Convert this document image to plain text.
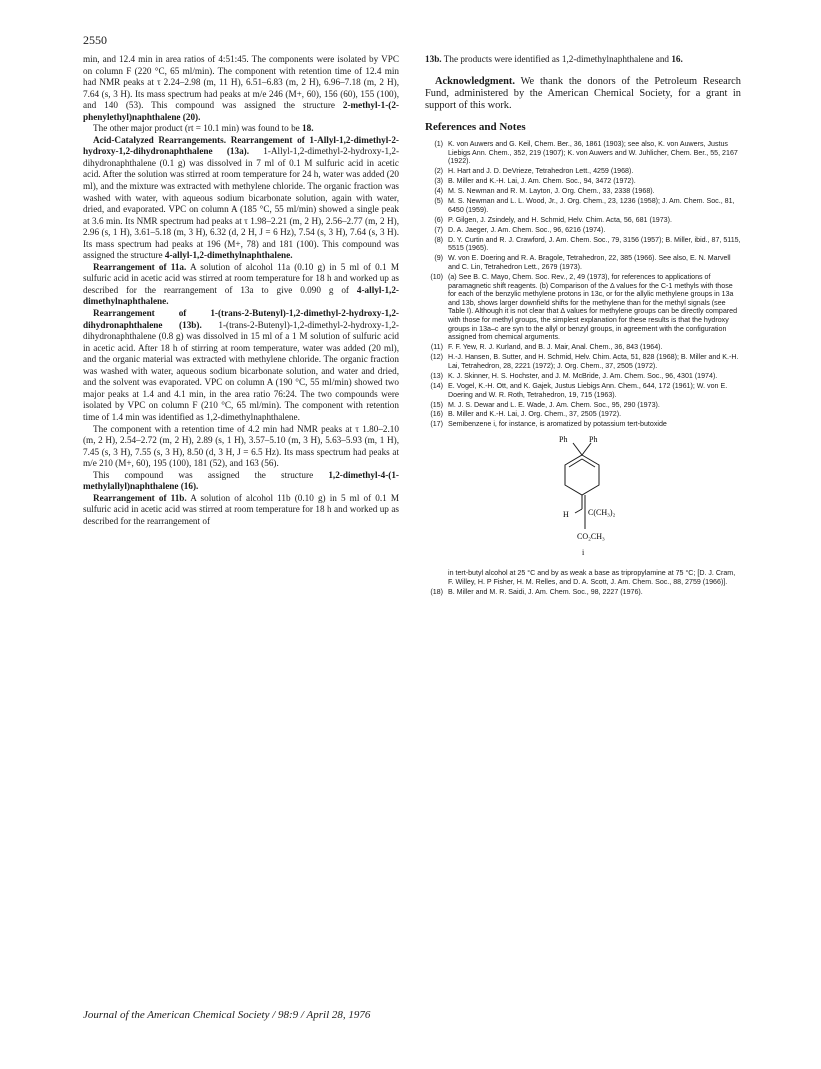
2550

min, and 12.4 min in area ratios of 4:51:45. The components were isolated by VPC on column F (220 °C, 65 ml/min). The component with retention time of 12.4 min had NMR peaks at τ 2.24–2.98 (m, 11 H), 6.51–6.83 (m, 2 H), 6.96–7.18 (m, 2 H), 7.64 (s, 3 H). Its mass spectrum had peaks at m/e 246 (M+, 60), 156 (60), 155 (100), and 140 (53). This compound was assigned the structure 2-methyl-1-(2-phenylethyl)naphthalene (20).

The other major product (rt = 10.1 min) was found to be 18.

Acid-Catalyzed Rearrangements. Rearrangement of 1-Allyl-1,2-dimethyl-2-hydroxy-1,2-dihydronaphthalene (13a). 1-Allyl-1,2-dimethyl-2-hydroxy-1,2-dihydronaphthalene (0.1 g) was dissolved in 7 ml of 0.1 M sulfuric acid in acetic acid. After the solution was stirred at room temperature for 24 h, water was added (20 ml), and the mixture was extracted with methylene chloride. The organic fraction was washed with water, with aqueous sodium bicarbonate solution, again with water, dried, and evaporated. VPC on column A (185 °C, 55 ml/min) showed a single peak at 3.6 min. Its NMR spectrum had peaks at τ 1.98–2.21 (m, 2 H), 2.56–2.77 (m, 2 H), 2.96 (s, 1 H), 3.61–5.18 (m, 3 H), 6.32 (d, 2 H, J = 6 Hz), 7.54 (s, 3 H), 7.64 (s, 3 H). Its mass spectrum had peaks at 196 (M+, 78) and 181 (100). This compound was assigned the structure 4-allyl-1,2-dimethylnaphthalene.

Rearrangement of 11a. A solution of alcohol 11a (0.10 g) in 5 ml of 0.1 M sulfuric acid in acetic acid was stirred at room temperature for 18 h and worked up as described for the rearrangement of 13a to give 0.090 g of 4-allyl-1,2-dimethylnaphthalene.

Rearrangement of 1-(trans-2-Butenyl)-1,2-dimethyl-2-hydroxy-1,2-dihydronaphthalene (13b). 1-(trans-2-Butenyl)-1,2-dimethyl-2-hydroxy-1,2-dihydronaphthalene (0.8 g) was dissolved in 15 ml of a 1 M solution of sulfuric acid in acetic acid. After 18 h of stirring at room temperature, water was added (20 ml), and the organic material was extracted with methylene chloride. The organic fraction was washed with water, aqueous sodium bicarbonate solution, and water and dried, and the solvent was evaporated. VPC on column A (190 °C, 55 ml/min) showed two major peaks at 1.4 and 4.1 min, in the area ratio 76:24. The two compounds were isolated by VPC on column F (210 °C, 65 ml/min). The component with retention time of 1.4 min was identified as 1,2-dimethylnaphthalene.

The component with a retention time of 4.2 min had NMR peaks at τ 1.80–2.10 (m, 2 H), 2.54–2.72 (m, 2 H), 2.89 (s, 1 H), 3.57–5.10 (m, 3 H), 5.63–5.93 (m, 1 H), 7.45 (s, 3 H), 7.55 (s, 3 H), 8.50 (d, 3 H, J = 6.5 Hz). Its mass spectrum had peaks at m/e 210 (M+, 60), 195 (100), 181 (52), and 163 (56).

This compound was assigned the structure 1,2-dimethyl-4-(1-methylallyl)naphthalene (16).

Rearrangement of 11b. A solution of alcohol 11b (0.10 g) in 5 ml of 0.1 M sulfuric acid in acetic acid was stirred at room temperature for 18 h and worked up as described for the rearrangement of

13b. The products were identified as 1,2-dimethylnaphthalene and 16.

Acknowledgment. We thank the donors of the Petroleum Research Fund, administered by the American Chemical Society, for a grant in support of this work.

References and Notes
(1) K. von Auwers and G. Keil, Chem. Ber., 36, 1861 (1903); see also, K. von Auwers, Justus Liebigs Ann. Chem., 352, 219 (1907); K. von Auwers and W. Juhlicher, Chem. Ber., 55, 2167 (1922).
(2) H. Hart and J. D. DeVrieze, Tetrahedron Lett., 4259 (1968).
(3) B. Miller and K.-H. Lai, J. Am. Chem. Soc., 94, 3472 (1972).
(4) M. S. Newman and R. M. Layton, J. Org. Chem., 33, 2338 (1968).
(5) M. S. Newman and L. L. Wood, Jr., J. Org. Chem., 23, 1236 (1958); J. Am. Chem. Soc., 81, 6450 (1959).
(6) P. Gilgen, J. Zsindely, and H. Schmid, Helv. Chim. Acta, 56, 681 (1973).
(7) D. A. Jaeger, J. Am. Chem. Soc., 96, 6216 (1974).
(8) D. Y. Curtin and R. J. Crawford, J. Am. Chem. Soc., 79, 3156 (1957); B. Miller, ibid., 87, 5115, 5515 (1965).
(9) W. von E. Doering and R. A. Bragole, Tetrahedron, 22, 385 (1966). See also, E. N. Marvell and C. Lin, Tetrahedron Lett., 2679 (1973).
(10) (a) See B. C. Mayo, Chem. Soc. Rev., 2, 49 (1973), for references to applications of paramagnetic shift reagents. (b) Comparison of the Δ values for the C-1 methyls with those for each of the benzylic methylene protons in 13c, or for the allylic methylene groups in 13a and 13b, shows larger downfield shifts for the methylene than for the methyl signals (see Table I). Although it is not clear that Δ values for methylene groups can be directly compared with those for methyl groups, the simplest explanation for these results is that the hydroxy groups in 13a–c are syn to the allyl or benzyl groups, in agreement with the configuration assigned from chemical arguments.
(11) F. F. Yew, R. J. Kurland, and B. J. Mair, Anal. Chem., 36, 843 (1964).
(12) H.-J. Hansen, B. Sutter, and H. Schmid, Helv. Chim. Acta, 51, 828 (1968); B. Miller and K.-H. Lai, Tetrahedron, 28, 2221 (1972); J. Org. Chem., 37, 2505 (1972).
(13) K. J. Skinner, H. S. Hochster, and J. M. McBride, J. Am. Chem. Soc., 96, 4301 (1974).
(14) E. Vogel, K.-H. Ott, and K. Gajek, Justus Liebigs Ann. Chem., 644, 172 (1961); W. von E. Doering and W. R. Roth, Tetrahedron, 19, 715 (1963).
(15) M. J. S. Dewar and L. E. Wade, J. Am. Chem. Soc., 95, 290 (1973).
(16) B. Miller and K.-H. Lai, J. Org. Chem., 37, 2505 (1972).
(17) Semibenzene i, for instance, is aromatized by potassium tert-butoxide
Ph	Ph
H C(CH₃)₂
CO₂CH₃
i
in tert-butyl alcohol at 25 °C and by as weak a base as tripropylamine at 75 °C; [D. J. Cram, F. Willey, H. P Fisher, H. M. Relles, and D. A. Scott, J. Am. Chem. Soc., 88, 2759 (1966)].
(18) B. Miller and M. R. Saidi, J. Am. Chem. Soc., 98, 2227 (1976).
Journal of the American Chemical Society / 98:9 / April 28, 1976
